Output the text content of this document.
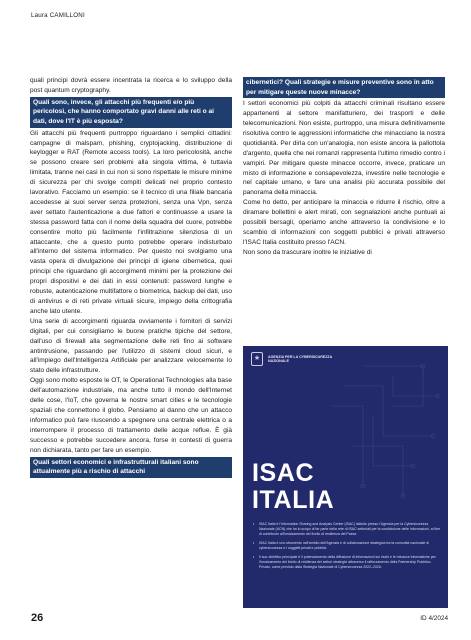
Laura CAMILLONI

quali principi dovrà essere incentrata la ricerca e lo sviluppo della post quantum cryptography.

Quali sono, invece, gli attacchi più frequenti e/o più pericolosi, che hanno comportato gravi danni alle reti o ai dati, dove l'IT è più esposta?

Gli attacchi più frequenti purtroppo riguardano i semplici cittadini: campagne di malspam, phishing, cryptojacking, distribuzione di keylogger e RAT (Remote access tools). La loro pericolosità, anche se possono creare seri problemi alla singola vittima, è tuttavia limitata, tranne nei casi in cui non si sono rispettate le misure minime di sicurezza per chi svolge compiti delicati nel proprio contesto lavorativo. Facciamo un esempio: se il tecnico di una filiale bancaria accedesse ai suoi server senza protezioni, senza una Vpn, senza aver settato l'autenticazione a due fattori e continuasse a usare la stessa password fatta con il nome della squadra del cuore, potrebbe consentire molto più facilmente l'infiltrazione silenziosa di un attaccante, che a questo punto potrebbe operare indisturbato all'interno del sistema informatico. Per questo noi svolgiamo una vasta opera di divulgazione dei principi di igiene cibernetica, quei principi che riguardano gli accorgimenti minimi per la protezione dei propri dispositivi e dei dati in essi contenuti: password lunghe e robuste, autenticazione multifattore o biometrica, backup dei dati, uso di antivirus e di reti private virtuali sicure, impiego della crittografia anche lato utente.

Una serie di accorgimenti riguarda ovviamente i fornitori di servizi digitali, per cui consigliamo le buone pratiche tipiche del settore, dall'uso di firewall alla segmentazione delle reti fino ai software antintrusione, passando per l'utilizzo di sistemi cloud sicuri, e all'impiego dell'Intelligenza Artificiale per analizzare velocemente lo stato delle infrastrutture.

Oggi sono molto esposte le OT, le Operational Technologies alla base dell'automazione industriale, ma anche tutto il mondo dell'Internet delle cose, l'IoT, che governa le nostre smart cities e le tecnologie spaziali che connettono il globo. Pensiamo al danno che un attacco informatico può fare riuscendo a spegnere una centrale elettrica o a interrompere il processo di trattamento delle acque reflue. È già successo e potrebbe succedere ancora, forse in contesti di guerra non dichiarata, tanto per fare un esempio.

Quali settori economici e infrastrutturali italiani sono attualmente più a rischio di attacchi
cibernetici? Quali strategie e misure preventive sono in atto per mitigare queste nuove minacce?

I settori economici più colpiti da attacchi criminali risultano essere appartenenti al settore manifatturiero, dei trasporti e delle telecomunicazioni. Non esiste, purtroppo, una misura definitivamente risolutiva contro le aggressioni informatiche che minacciano la nostra quotidianità. Per dirla con un'analogia, non esiste ancora la pallottola d'argento, quella che nei romanzi rappresenta l'ultimo rimedio contro i vampiri. Per mitigare queste minacce occorre, invece, praticare un misto di informazione e consapevolezza, investire nelle tecnologie e nel capitale umano, e fare una analisi più accurata possibile del panorama della minaccia.

Come ho detto, per anticipare la minaccia e ridurre il rischio, oltre a diramare bollettini e alert mirati, con segnalazioni anche puntuali ai possibili bersagli, operiamo anche attraverso la condivisione e lo scambio di informazioni con soggetti pubblici e privati attraverso l'ISAC Italia costituito presso l'ACN.

Non sono da trascurare inoltre le iniziative di

★	AGENZIA PER LA CYBERSICUREZZA NAZIONALE
ISAC
ITALIA
• ISAC Italia è l'Information Sharing and Analysis Center (ISAC) istituito presso l'Agenzia per la Cybersicurezza Nazionale (ACN) che ha lo scopo di far parte della rete di ISAC settoriali per la condivisione delle informazioni, al fine di contribuire all'innalzamento del livello di resilienza del Paese.
• ISAC Italia è uno strumento nell'ambito dell'Agenzia e di collaborazione strategica tra la comunità nazionale di cybersicurezza e i soggetti privati e pubblici.
• Il suo obiettivo principale è il potenziamento della diffusione di informazioni sui rischi e le minacce informatiche per l'innalzamento del livello di resilienza dei settori strategici attraverso il rafforzamento della Partnership Pubblico-Privato, come previsto dalla Strategia Nazionale di Cybersicurezza 2022–2026.
26	ID 4/2024
